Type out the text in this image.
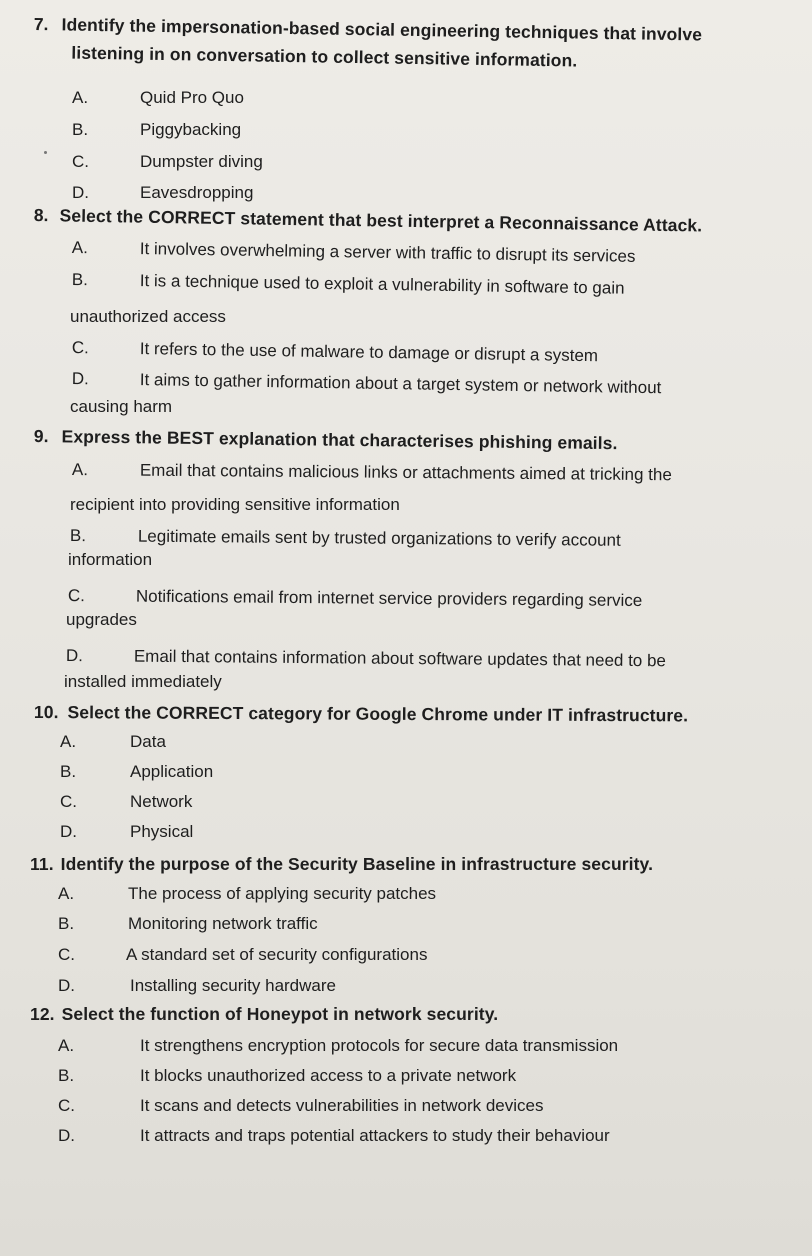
7. Identify the impersonation-based social engineering techniques that involve
listening in on conversation to collect sensitive information.
A.	Quid Pro Quo
B.	Piggybacking
C.	Dumpster diving
D.	Eavesdropping
8. Select the CORRECT statement that best interpret a Reconnaissance Attack.
A.	It involves overwhelming a server with traffic to disrupt its services
B.	It is a technique used to exploit a vulnerability in software to gain
unauthorized access
C.	It refers to the use of malware to damage or disrupt a system
D.	It aims to gather information about a target system or network without
causing harm
9. Express the BEST explanation that characterises phishing emails.
A.	Email that contains malicious links or attachments aimed at tricking the
recipient into providing sensitive information
B.	Legitimate emails sent by trusted organizations to verify account
information
C.	Notifications email from internet service providers regarding service
upgrades
D.	Email that contains information about software updates that need to be
installed immediately
10. Select the CORRECT category for Google Chrome under IT infrastructure.
A.	Data
B.	Application
C.	Network
D.	Physical
11. Identify the purpose of the Security Baseline in infrastructure security.
A.	The process of applying security patches
B.	Monitoring network traffic
C.	A standard set of security configurations
D.	Installing security hardware
12. Select the function of Honeypot in network security.
A.	It strengthens encryption protocols for secure data transmission
B.	It blocks unauthorized access to a private network
C.	It scans and detects vulnerabilities in network devices
D.	It attracts and traps potential attackers to study their behaviour
